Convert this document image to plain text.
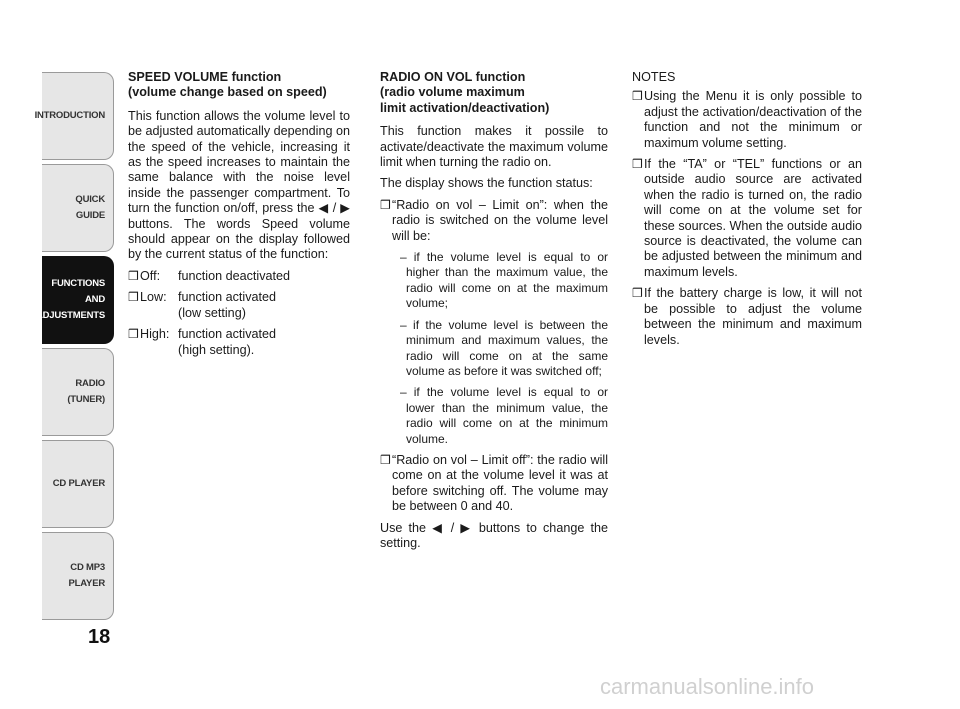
INTRODUCTION
QUICK
GUIDE
FUNCTIONS
AND
ADJUSTMENTS
RADIO
(TUNER)
CD PLAYER
CD MP3
PLAYER
18
SPEED VOLUME function
(volume change based on speed)

This function allows the volume level to be adjusted automatically depending on the speed of the vehicle, increasing it as the speed increases to maintain the same balance with the noise level inside the passenger compartment. To turn the function on/off, press the ◀ / ▶ buttons. The words Speed volume should appear on the display followed by the current status of the function:

❒ Off:	function deactivated
❒ Low: function activated
(low setting)
❒ High: function activated
(high setting).
RADIO ON VOL function
(radio volume maximum
limit activation/deactivation)

This function makes it possile to activate/deactivate the maximum volume limit when turning the radio on.

The display shows the function status:

❒ “Radio on vol – Limit on”: when the radio is switched on the volume level will be:
– if the volume level is equal to or higher than the maximum value, the radio will come on at the maximum volume;
– if the volume level is between the minimum and maximum values, the radio will come on at the same volume as before it was switched off;
– if the volume level is equal to or lower than the minimum value, the radio will come on at the minimum volume.
❒ “Radio on vol – Limit off”: the radio will come on at the volume level it was at before switching off. The volume may be between 0 and 40.

Use the ◀ / ▶ buttons to change the setting.

NOTES
❒ Using the Menu it is only possible to adjust the activation/deactivation of the function and not the minimum or maximum volume setting.
❒ If the “TA” or “TEL” functions or an outside audio source are activated when the radio is turned on, the radio will come on at the volume set for these sources. When the outside audio source is deactivated, the volume can be adjusted between the minimum and maximum levels.
❒ If the battery charge is low, it will not be possible to adjust the volume between the minimum and maximum levels.
carmanualsonline.info
